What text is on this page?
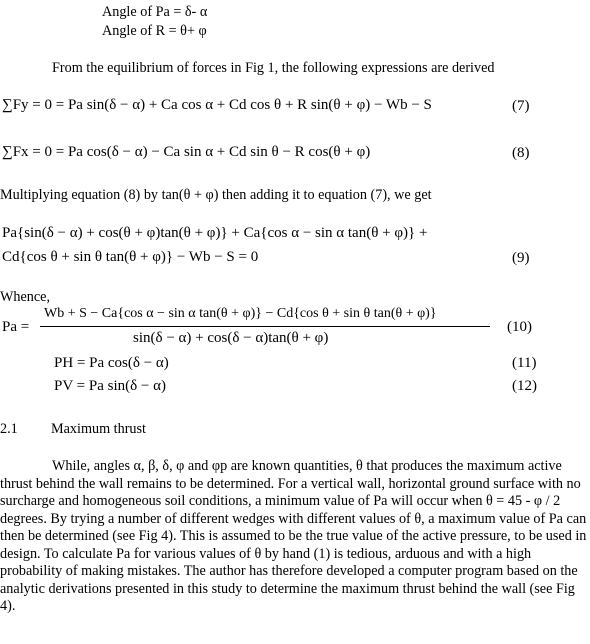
Angle of Pa = δ- α
Angle of R = θ+ φ
From the equilibrium of forces in Fig 1, the following expressions are derived
∑Fy = 0 = Pa sin(δ − α) + Ca cos α + Cd cos θ + R sin(θ + φ) − Wb − S	(7)
∑Fx = 0 = Pa cos(δ − α) − Ca sin α + Cd sin θ − R cos(θ + φ)	(8)
Multiplying equation (8) by tan(θ + φ) then adding it to equation (7), we get
Pa{sin(δ − α) + cos(θ + φ)tan(θ + φ)} + Ca{cos α − sin α tan(θ + φ)} +
Cd{cos θ + sin θ tan(θ + φ)} − Wb − S = 0	(9)
Whence,
Pa =
Wb + S − Ca{cos α − sin α tan(θ + φ)} − Cd{cos θ + sin θ tan(θ + φ)}
sin(δ − α) + cos(δ − α)tan(θ + φ)
(10)
PH = Pa cos(δ − α)	(11)
PV = Pa sin(δ − α)	(12)
2.1 Maximum thrust
While, angles α, β, δ, φ and φp are known quantities, θ that produces the maximum active thrust behind the wall remains to be determined. For a vertical wall, horizontal ground surface with no surcharge and homogeneous soil conditions, a minimum value of Pa will occur when θ = 45 - φ / 2 degrees. By trying a number of different wedges with different values of θ, a maximum value of Pa can then be determined (see Fig 4). This is assumed to be the true value of the active pressure, to be used in design. To calculate Pa for various values of θ by hand (1) is tedious, arduous and with a high probability of making mistakes. The author has therefore developed a computer program based on the analytic derivations presented in this study to determine the maximum thrust behind the wall (see Fig 4).
